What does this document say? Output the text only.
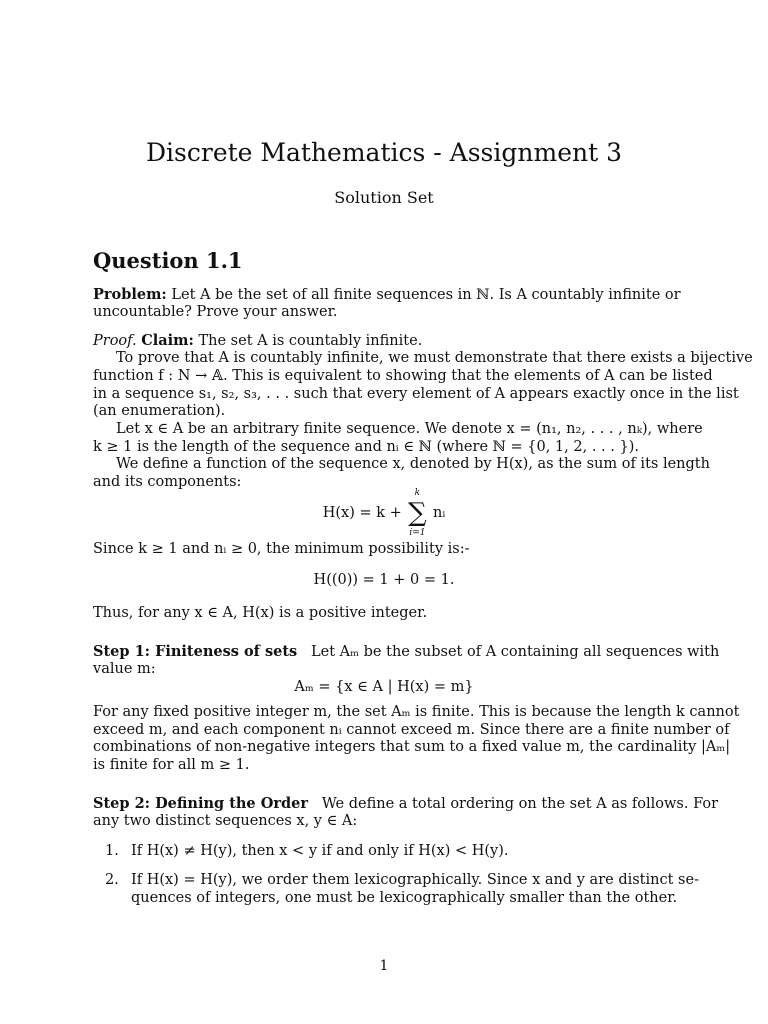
Discrete Mathematics - Assignment 3
Solution Set
Question 1.1
Problem: Let A be the set of all finite sequences in ℕ. Is A countably infinite or
uncountable? Prove your answer.
Proof. Claim: The set A is countably infinite.
To prove that A is countably infinite, we must demonstrate that there exists a bijective
function f : N → 𝔸. This is equivalent to showing that the elements of A can be listed
in a sequence s₁, s₂, s₃, . . . such that every element of A appears exactly once in the list
(an enumeration).
Let x ∈ A be an arbitrary finite sequence. We denote x = (n₁, n₂, . . . , nₖ), where
k ≥ 1 is the length of the sequence and nᵢ ∈ ℕ (where ℕ = {0, 1, 2, . . . }).
We define a function of the sequence x, denoted by H(x), as the sum of its length
and its components:
H(x) = k +
k
∑
i=1
nᵢ
Since k ≥ 1 and nᵢ ≥ 0, the minimum possibility is:-
H((0)) = 1 + 0 = 1.
Thus, for any x ∈ A, H(x) is a positive integer.
Step 1: Finiteness of sets Let Aₘ be the subset of A containing all sequences with
value m:
Aₘ = {x ∈ A | H(x) = m}
For any fixed positive integer m, the set Aₘ is finite. This is because the length k cannot
exceed m, and each component nᵢ cannot exceed m. Since there are a finite number of
combinations of non-negative integers that sum to a fixed value m, the cardinality |Aₘ|
is finite for all m ≥ 1.
Step 2: Defining the Order We define a total ordering on the set A as follows. For
any two distinct sequences x, y ∈ A:
1. If H(x) ≠ H(y), then x < y if and only if H(x) < H(y).
2. If H(x) = H(y), we order them lexicographically. Since x and y are distinct se-
quences of integers, one must be lexicographically smaller than the other.
1
